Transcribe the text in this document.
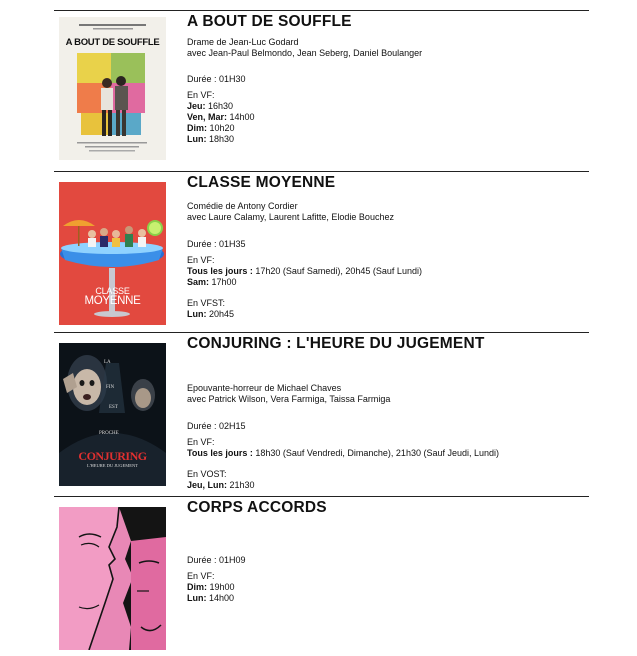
A BOUT DE SOUFFLE
A BOUT DE SOUFFLE
Drame de Jean-Luc Godard
avec Jean-Paul Belmondo, Jean Seberg, Daniel Boulanger
Durée : 01H30
En VF:
Jeu: 16h30
Ven, Mar: 14h00
Dim: 10h20
Lun: 18h30
CLASSE
MOYENNE
CLASSE MOYENNE
Comédie de Antony Cordier
avec Laure Calamy, Laurent Lafitte, Elodie Bouchez
Durée : 01H35
En VF:
Tous les jours : 17h20 (Sauf Samedi), 20h45 (Sauf Lundi)
Sam: 17h00
En VFST:
Lun: 20h45
LA
FIN
EST
PROCHE
CONJURING
L'HEURE DU JUGEMENT
CONJURING : L'HEURE DU JUGEMENT
Epouvante-horreur de Michael Chaves
avec Patrick Wilson, Vera Farmiga, Taissa Farmiga
Durée : 02H15
En VF:
Tous les jours : 18h30 (Sauf Vendredi, Dimanche), 21h30 (Sauf Jeudi, Lundi)
En VOST:
Jeu, Lun: 21h30
CORPS ACCORDS
Durée : 01H09
En VF:
Dim: 19h00
Lun: 14h00
